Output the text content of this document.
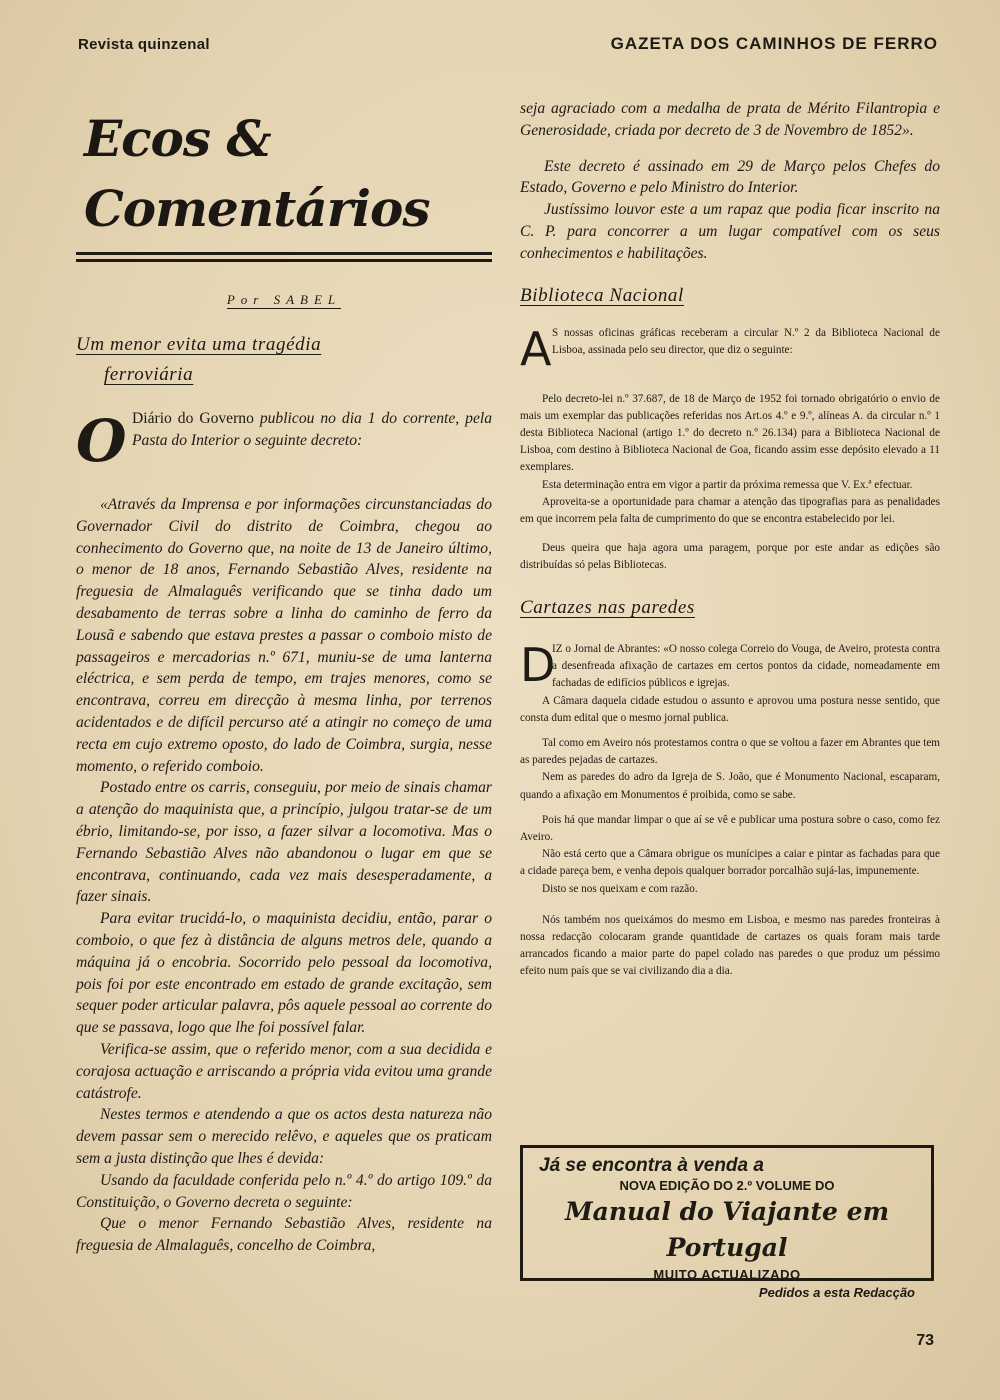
Revista quinzenal	GAZETA DOS CAMINHOS DE FERRO
Ecos & Comentários
Por SABEL
Um menor evita uma tragédia
ferroviária
O Diário do Governo publicou no dia 1 do corrente, pela Pasta do Interior o seguinte decreto:

«Através da Imprensa e por informações circunstanciadas do Governador Civil do distrito de Coimbra, chegou ao conhecimento do Governo que, na noite de 13 de Janeiro último, o menor de 18 anos, Fernando Sebastião Alves, residente na freguesia de Almalaguês verificando que se tinha dado um desabamento de terras sobre a linha do caminho de ferro da Lousã e sabendo que estava prestes a passar o comboio misto de passageiros e mercadorias n.º 671, muniu-se de uma lanterna eléctrica, e sem perda de tempo, em trajes menores, como se encontrava, correu em direcção à mesma linha, por terrenos acidentados e de difícil percurso até a atingir no começo de uma recta em cujo extremo oposto, do lado de Coimbra, surgia, nesse momento, o referido comboio.

Postado entre os carris, conseguiu, por meio de sinais chamar a atenção do maquinista que, a princípio, julgou tratar-se de um ébrio, limitando-se, por isso, a fazer silvar a locomotiva. Mas o Fernando Sebastião Alves não abandonou o lugar em que se encontrava, continuando, cada vez mais desesperadamente, a fazer sinais.

Para evitar trucidá-lo, o maquinista decidiu, então, parar o comboio, o que fez à distância de alguns metros dele, quando a máquina já o encobria. Socorrido pelo pessoal da locomotiva, pois foi por este encontrado em estado de grande excitação, sem sequer poder articular palavra, pôs aquele pessoal ao corrente do que se passava, logo que lhe foi possível falar.

Verifica-se assim, que o referido menor, com a sua decidida e corajosa actuação e arriscando a própria vida evitou uma grande catástrofe.

Nestes termos e atendendo a que os actos desta natureza não devem passar sem o merecido relêvo, e aqueles que os praticam sem a justa distinção que lhes é devida:

Usando da faculdade conferida pelo n.º 4.º do artigo 109.º da Constituição, o Governo decreta o seguinte:

Que o menor Fernando Sebastião Alves, residente na freguesia de Almalaguês, concelho de Coimbra,

seja agraciado com a medalha de prata de Mérito Filantropia e Generosidade, criada por decreto de 3 de Novembro de 1852».

Este decreto é assinado em 29 de Março pelos Chefes do Estado, Governo e pelo Ministro do Interior.

Justíssimo louvor este a um rapaz que podia ficar inscrito na C. P. para concorrer a um lugar compatível com os seus conhecimentos e habilitações.

Biblioteca Nacional
A S nossas oficinas gráficas receberam a circular N.º 2 da Biblioteca Nacional de Lisboa, assinada pelo seu director, que diz o seguinte:

Pelo decreto-lei n.º 37.687, de 18 de Março de 1952 foi tornado obrigatório o envio de mais um exemplar das publicações referidas nos Art.os 4.º e 9.º, alíneas A. da circular n.º 1 desta Biblioteca Nacional (artigo 1.º do decreto n.º 26.134) para a Biblioteca Nacional de Lisboa, com destino à Biblioteca Nacional de Goa, ficando assim esse depósito elevado a 11 exemplares.

Esta determinação entra em vigor a partir da próxima remessa que V. Ex.ª efectuar.

Aproveita-se a oportunidade para chamar a atenção das tipografias para as penalidades em que incorrem pela falta de cumprimento do que se encontra estabelecido por lei.

Deus queira que haja agora uma paragem, porque por este andar as edições são distribuídas só pelas Bibliotecas.

Cartazes nas paredes
D
IZ o Jornal de Abrantes: «O nosso colega Correio do Vouga, de Aveiro, protesta contra a desenfreada afixação de cartazes em certos pontos da cidade, nomeadamente em fachadas de edifícios públicos e igrejas.

A Câmara daquela cidade estudou o assunto e aprovou uma postura nesse sentido, que consta dum edital que o mesmo jornal publica.

Tal como em Aveiro nós protestamos contra o que se voltou a fazer em Abrantes que tem as paredes pejadas de cartazes.

Nem as paredes do adro da Igreja de S. João, que é Monumento Nacional, escaparam, quando a afixação em Monumentos é proibida, como se sabe.

Pois há que mandar limpar o que aí se vê e publicar uma postura sobre o caso, como fez Aveiro.

Não está certo que a Câmara obrigue os munícipes a caiar e pintar as fachadas para que a cidade pareça bem, e venha depois qualquer borrador porcalhão sujá-las, impunemente.

Disto se nos queixam e com razão.

Nós também nos queixámos do mesmo em Lisboa, e mesmo nas paredes fronteiras à nossa redacção colocaram grande quantidade de cartazes os quais foram mais tarde arrancados ficando a maior parte do papel colado nas paredes o que produz um péssimo efeito num país que se vai civilizando dia a dia.

Já se encontra à venda a
NOVA EDIÇÃO DO 2.º VOLUME DO
Manual do Viajante em Portugal
MUITO ACTUALIZADO
Pedidos a esta Redacção
73
